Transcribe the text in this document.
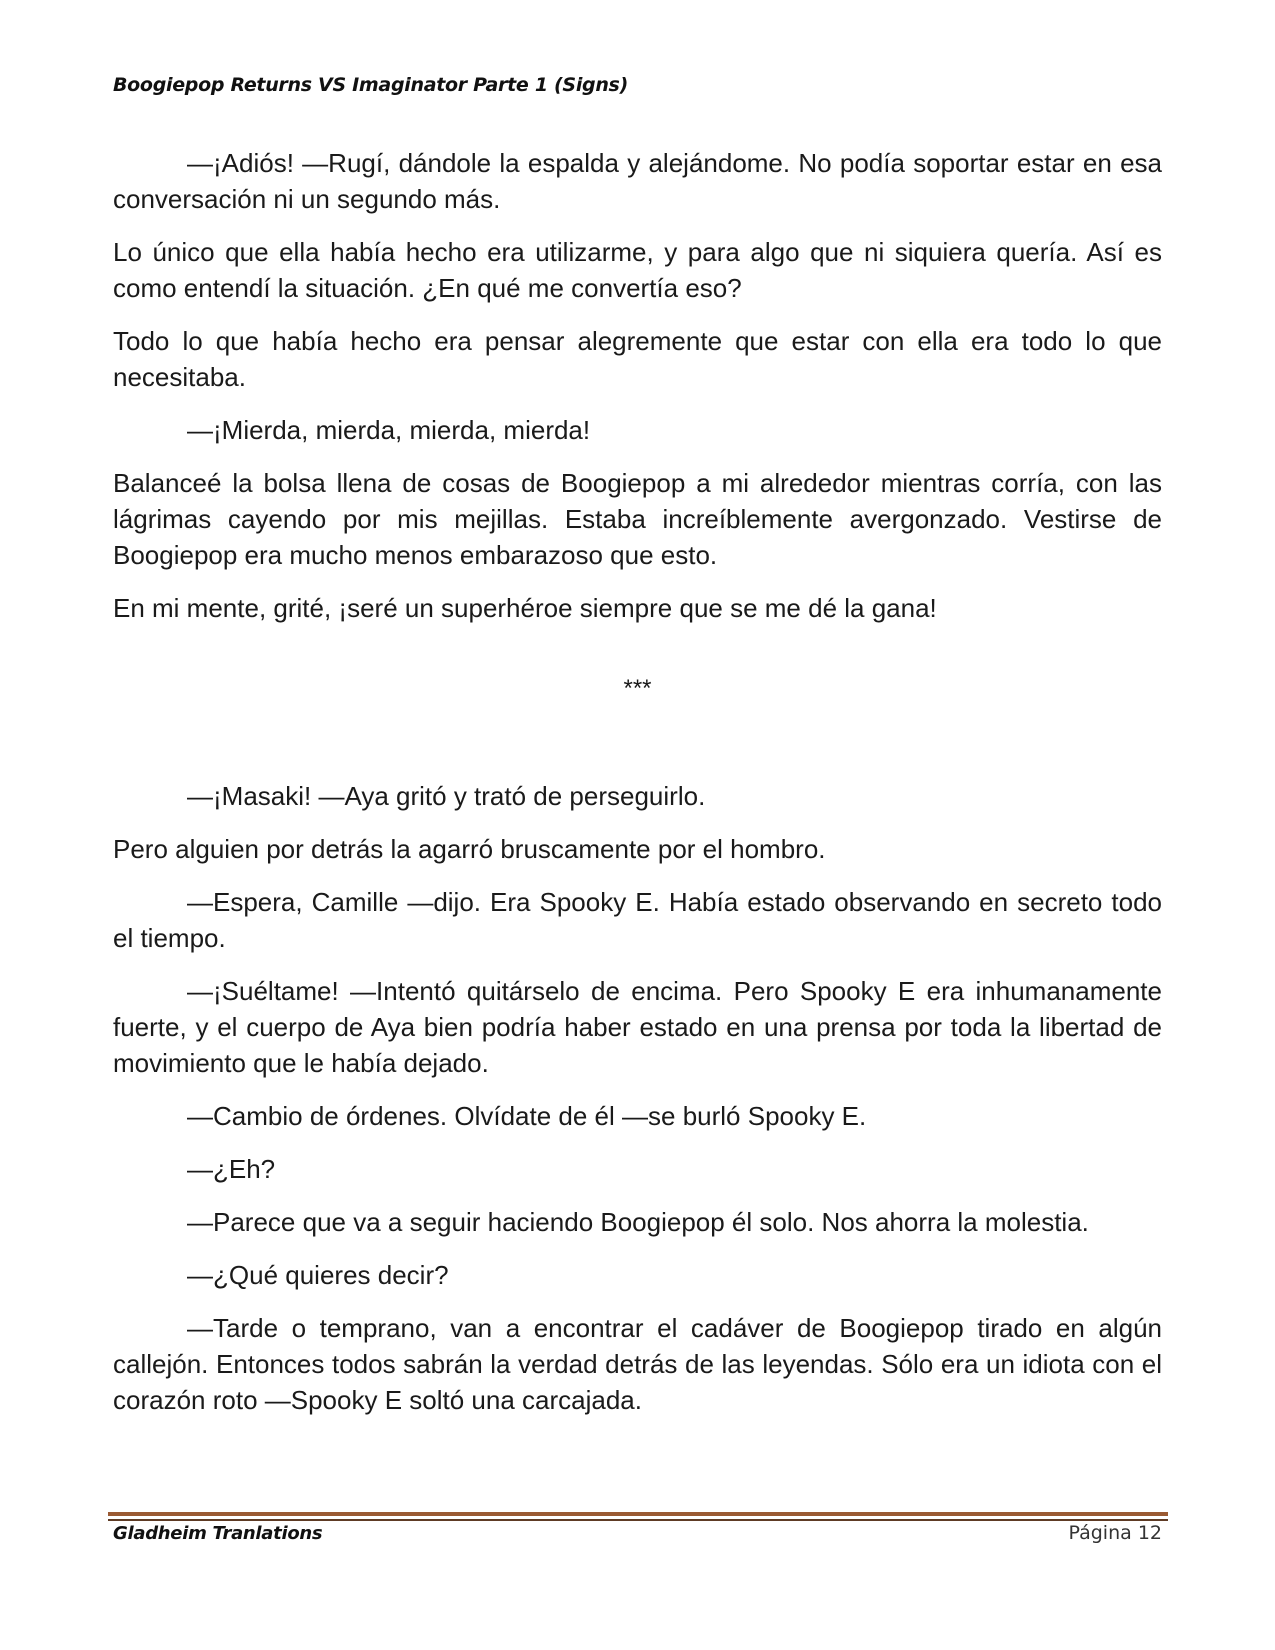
Boogiepop Returns VS Imaginator Parte 1 (Signs)

—¡Adiós! —Rugí, dándole la espalda y alejándome. No podía soportar estar en esa conversación ni un segundo más.

Lo único que ella había hecho era utilizarme, y para algo que ni siquiera quería. Así es como entendí la situación. ¿En qué me convertía eso?

Todo lo que había hecho era pensar alegremente que estar con ella era todo lo que necesitaba.

—¡Mierda, mierda, mierda, mierda!

Balanceé la bolsa llena de cosas de Boogiepop a mi alrededor mientras corría, con las lágrimas cayendo por mis mejillas. Estaba increíblemente avergonzado. Vestirse de Boogiepop era mucho menos embarazoso que esto.

En mi mente, grité, ¡seré un superhéroe siempre que se me dé la gana!

***

—¡Masaki! —Aya gritó y trató de perseguirlo.

Pero alguien por detrás la agarró bruscamente por el hombro.

—Espera, Camille —dijo. Era Spooky E. Había estado observando en secreto todo el tiempo.

—¡Suéltame! —Intentó quitárselo de encima. Pero Spooky E era inhumanamente fuerte, y el cuerpo de Aya bien podría haber estado en una prensa por toda la libertad de movimiento que le había dejado.

—Cambio de órdenes. Olvídate de él —se burló Spooky E.

—¿Eh?

—Parece que va a seguir haciendo Boogiepop él solo. Nos ahorra la molestia.

—¿Qué quieres decir?

—Tarde o temprano, van a encontrar el cadáver de Boogiepop tirado en algún callejón. Entonces todos sabrán la verdad detrás de las leyendas. Sólo era un idiota con el corazón roto —Spooky E soltó una carcajada.

Gladheim Tranlations	Página 12
